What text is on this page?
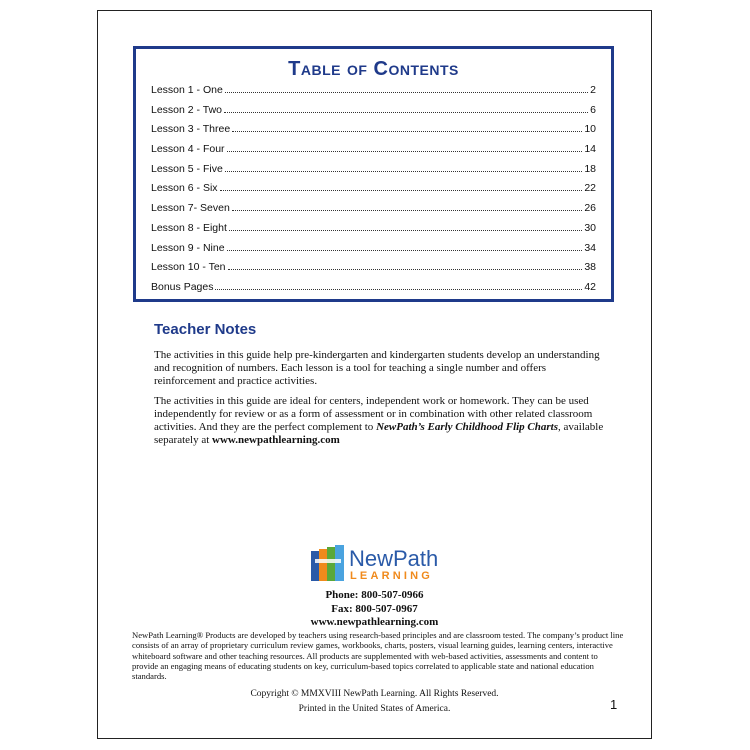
Table of Contents
Lesson 1 - One	2
Lesson 2 - Two	6
Lesson 3 - Three	10
Lesson 4 - Four	14
Lesson 5 - Five	18
Lesson 6 - Six	22
Lesson 7- Seven	26
Lesson 8 - Eight	30
Lesson 9 - Nine	34
Lesson 10 - Ten	38
Bonus Pages	42
Teacher Notes

The activities in this guide help pre-kindergarten and kindergarten students develop an understanding and recognition of numbers. Each lesson is a tool for teaching a single number and offers reinforcement and practice activities.

The activities in this guide are ideal for centers, independent work or homework. They can be used independently for review or as a form of assessment or in combination with other related classroom activities. And they are the perfect complement to NewPath’s Early Childhood Flip Charts, available separately at www.newpathlearning.com

NewPath
LEARNING
Phone: 800-507-0966
Fax: 800-507-0967
www.newpathlearning.com

NewPath Learning® Products are developed by teachers using research-based principles and are classroom tested. The company’s product line consists of an array of proprietary curriculum review games, workbooks, charts, posters, visual learning guides, learning centers, interactive whiteboard software and other teaching resources. All products are supplemented with web-based activities, assessments and content to provide an engaging means of educating students on key, curriculum-based topics correlated to applicable state and national education standards.

Copyright © MMXVIII NewPath Learning. All Rights Reserved.
Printed in the United States of America.	1
